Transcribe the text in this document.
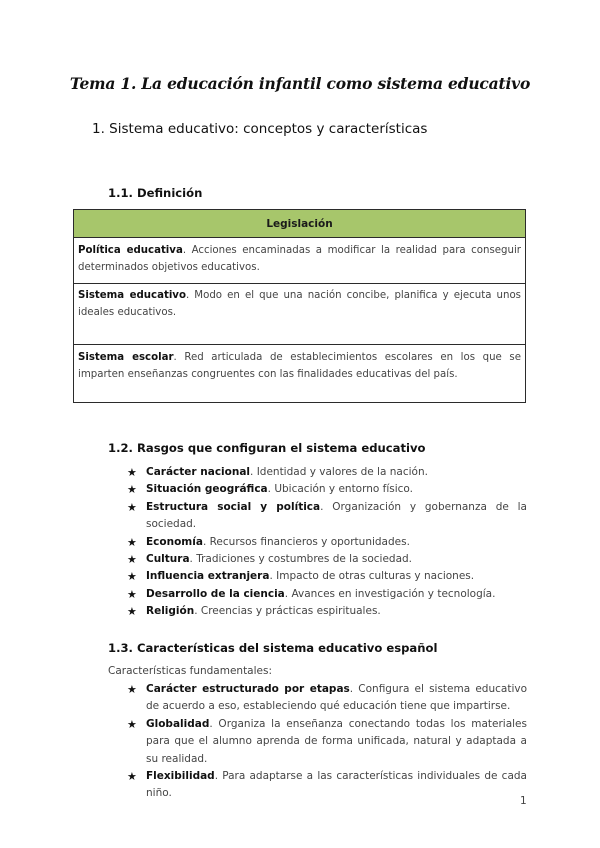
Tema 1. La educación infantil como sistema educativo
1. Sistema educativo: conceptos y características
1.1. Definición
Legislación
Política educativa. Acciones encaminadas a modificar la realidad para conseguir determinados objetivos educativos.
Sistema educativo. Modo en el que una nación concibe, planifica y ejecuta unos ideales educativos.
Sistema escolar. Red articulada de establecimientos escolares en los que se imparten enseñanzas congruentes con las finalidades educativas del país.
1.2. Rasgos que configuran el sistema educativo
★ Carácter nacional. Identidad y valores de la nación.
★ Situación geográfica. Ubicación y entorno físico.
★ Estructura social y política. Organización y gobernanza de la sociedad.
★ Economía. Recursos financieros y oportunidades.
★ Cultura. Tradiciones y costumbres de la sociedad.
★ Influencia extranjera. Impacto de otras culturas y naciones.
★ Desarrollo de la ciencia. Avances en investigación y tecnología.
★ Religión. Creencias y prácticas espirituales.
1.3. Características del sistema educativo español
Características fundamentales:
★ Carácter estructurado por etapas. Configura el sistema educativo de acuerdo a eso, estableciendo qué educación tiene que impartirse.
★ Globalidad. Organiza la enseñanza conectando todas los materiales para que el alumno aprenda de forma unificada, natural y adaptada a su realidad.
★ Flexibilidad. Para adaptarse a las características individuales de cada niño.
1
